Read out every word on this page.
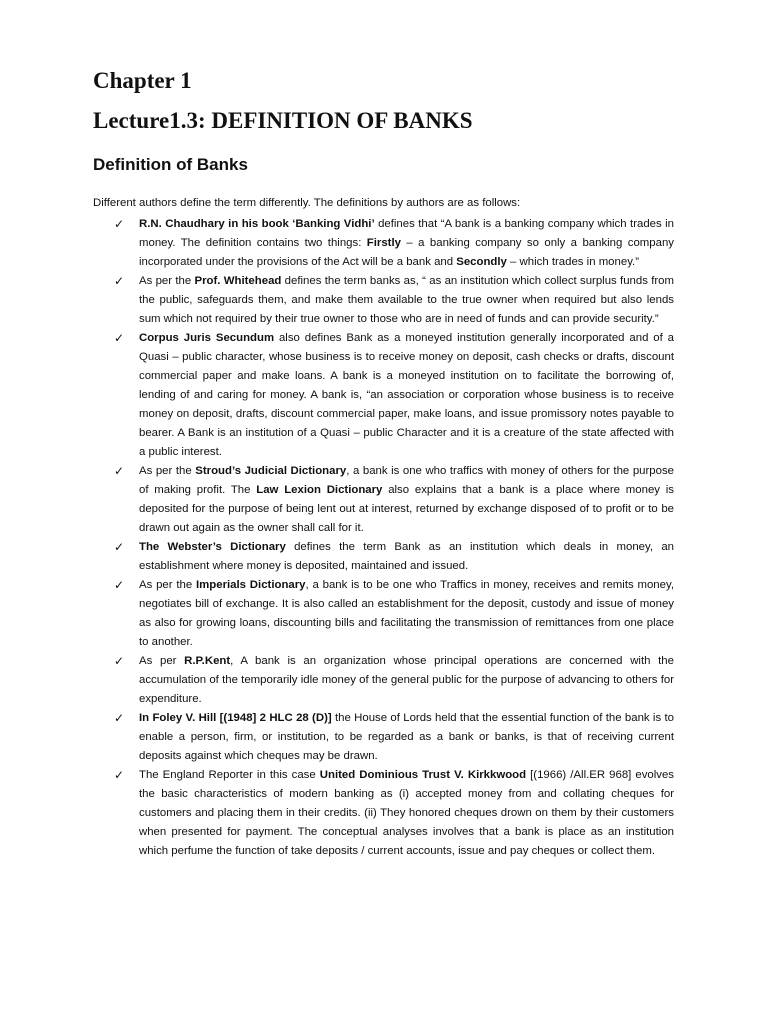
Chapter 1
Lecture1.3: DEFINITION OF BANKS
Definition of Banks

Different authors define the term differently. The definitions by authors are as follows:

✓	R.N. Chaudhary in his book ‘Banking Vidhi’ defines that “A bank is a banking company which trades in money. The definition contains two things: Firstly – a banking company so only a banking company incorporated under the provisions of the Act will be a bank and Secondly – which trades in money.”
✓	As per the Prof. Whitehead defines the term banks as, “ as an institution which collect surplus funds from the public, safeguards them, and make them available to the true owner when required but also lends sum which not required by their true owner to those who are in need of funds and can provide security.”
✓	Corpus Juris Secundum also defines Bank as a moneyed institution generally incorporated and of a Quasi – public character, whose business is to receive money on deposit, cash checks or drafts, discount commercial paper and make loans. A bank is a moneyed institution on to facilitate the borrowing of, lending of and caring for money. A bank is, “an association or corporation whose business is to receive money on deposit, drafts, discount commercial paper, make loans, and issue promissory notes payable to bearer. A Bank is an institution of a Quasi – public Character and it is a creature of the state affected with a public interest.
✓	As per the Stroud’s Judicial Dictionary, a bank is one who traffics with money of others for the purpose of making profit. The Law Lexion Dictionary also explains that a bank is a place where money is deposited for the purpose of being lent out at interest, returned by exchange disposed of to profit or to be drawn out again as the owner shall call for it.
✓	The Webster’s Dictionary defines the term Bank as an institution which deals in money, an establishment where money is deposited, maintained and issued.
✓	As per the Imperials Dictionary, a bank is to be one who Traffics in money, receives and remits money, negotiates bill of exchange. It is also called an establishment for the deposit, custody and issue of money as also for growing loans, discounting bills and facilitating the transmission of remittances from one place to another.
✓	As per R.P.Kent, A bank is an organization whose principal operations are concerned with the accumulation of the temporarily idle money of the general public for the purpose of advancing to others for expenditure.
✓	In Foley V. Hill [(1948] 2 HLC 28 (D)] the House of Lords held that the essential function of the bank is to enable a person, firm, or institution, to be regarded as a bank or banks, is that of receiving current deposits against which cheques may be drawn.
✓	The England Reporter in this case United Dominious Trust V. Kirkkwood [(1966) /All.ER 968] evolves the basic characteristics of modern banking as (i) accepted money from and collating cheques for customers and placing them in their credits. (ii) They honored cheques drown on them by their customers when presented for payment. The conceptual analyses involves that a bank is place as an institution which perfume the function of take deposits / current accounts, issue and pay cheques or collect them.
